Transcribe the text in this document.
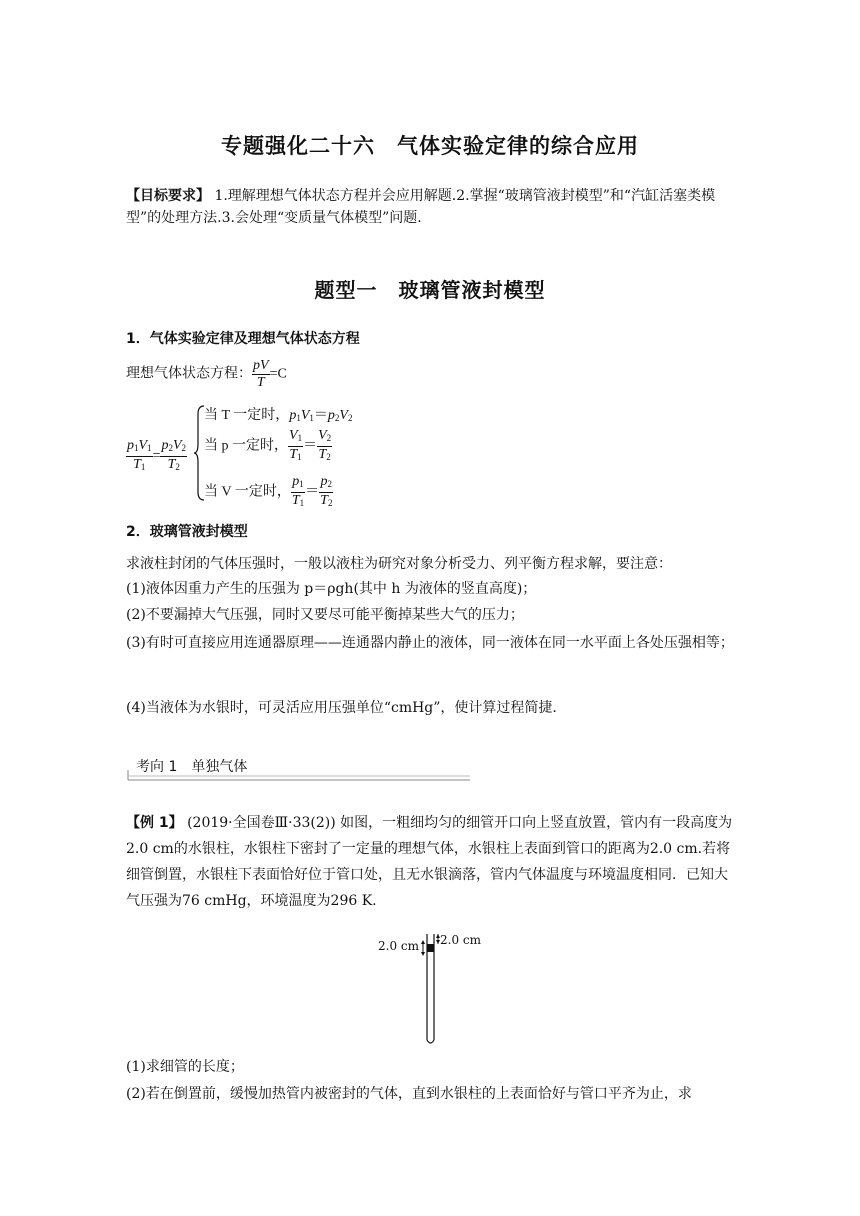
专题强化二十六　气体实验定律的综合应用
【目标要求】 1.理解理想气体状态方程并会应用解题.2.掌握“玻璃管液封模型”和“汽缸活塞类模型”的处理方法.3.会处理“变质量气体模型”问题.
题型一　玻璃管液封模型
1．气体实验定律及理想气体状态方程
理想气体状态方程： $\frac{pV}{T} =C$
$\frac{p_1V_1}{T_1} = \frac{p_2V_2}{T_2}$
当 T 一定时，$p_1V_1=p_2V_2$
当 p 一定时， $\frac{V_1}{T_1} = \frac{V_2}{T_2}$
当 V 一定时， $\frac{p_1}{T_1} = \frac{p_2}{T_2}$
2．玻璃管液封模型
求液柱封闭的气体压强时，一般以液柱为研究对象分析受力、列平衡方程求解，要注意：
(1)液体因重力产生的压强为 p＝ρgh(其中 h 为液体的竖直高度)；
(2)不要漏掉大气压强，同时又要尽可能平衡掉某些大气的压力；
(3)有时可直接应用连通器原理——连通器内静止的液体，同一液体在同一水平面上各处压强相等；
(4)当液体为水银时，可灵活应用压强单位“cmHg”，使计算过程简捷.
考向 1　单独气体
【例 1】 (2019·全国卷Ⅲ·33(2)) 如图，一粗细均匀的细管开口向上竖直放置，管内有一段高度为2.0 cm的水银柱，水银柱下密封了一定量的理想气体，水银柱上表面到管口的距离为2.0 cm.若将细管倒置，水银柱下表面恰好位于管口处，且无水银滴落，管内气体温度与环境温度相同．已知大气压强为76 cmHg，环境温度为296 K.
2.0 cm 2.0 cm
(1)求细管的长度；
(2)若在倒置前，缓慢加热管内被密封的气体，直到水银柱的上表面恰好与管口平齐为止，求
